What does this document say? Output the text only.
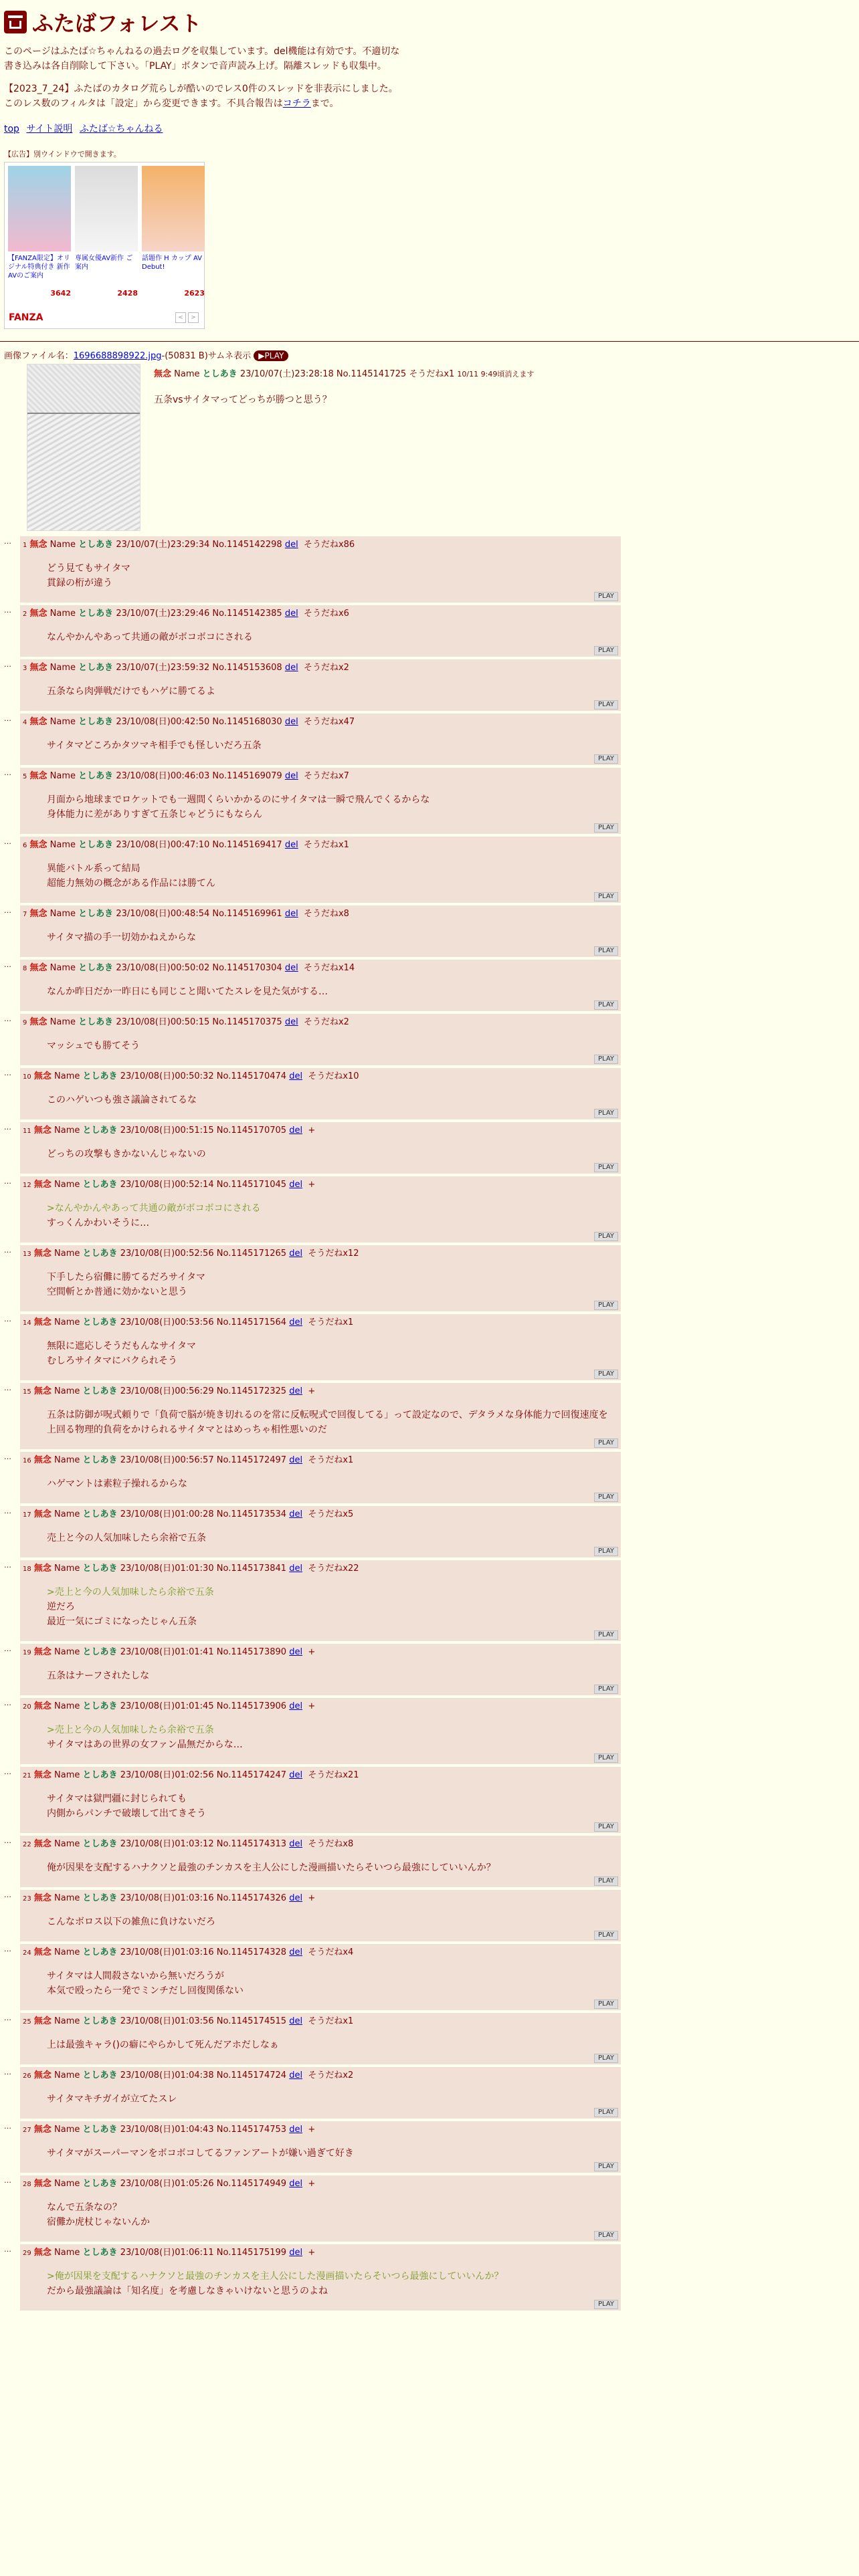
ふたばフォレスト

このページはふたば☆ちゃんねるの過去ログを収集しています。del機能は有効です。不適切な書き込みは各自削除して下さい。「PLAY」ボタンで音声読み上げ。隔離スレッドも収集中。

【2023_7_24】ふたばのカタログ荒らしが酷いのでレス0件のスレッドを非表示にしました。このレス数のフィルタは「設定」から変更できます。不具合報告はコチラまで。

top サイト説明 ふたば☆ちゃんねる
【広告】別ウインドウで開きます。
【FANZA限定】オリジナル特典付き 新作AVのご案内
3642
専属女優AV新作 ご案内
2428
話題作 H カップ AV Debut!
2623
FANZA	<	>
画像ファイル名：1696688898922.jpg-(50831 B)サムネ表示 ▶PLAY
無念 Name としあき 23/10/07(土)23:28:18 No.1145141725 そうだねx1 10/11 9:49頃消えます
五条vsサイタマってどっちが勝つと思う？
…	1 無念 Name としあき 23/10/07(土)23:29:34 No.1145142298 del そうだねx86
どう見てもサイタマ
貫録の桁が違う
PLAY
…	2 無念 Name としあき 23/10/07(土)23:29:46 No.1145142385 del そうだねx6
なんやかんやあって共通の敵がボコボコにされる
PLAY
…	3 無念 Name としあき 23/10/07(土)23:59:32 No.1145153608 del そうだねx2
五条なら肉弾戦だけでもハゲに勝てるよ
PLAY
…	4 無念 Name としあき 23/10/08(日)00:42:50 No.1145168030 del そうだねx47
サイタマどころかタツマキ相手でも怪しいだろ五条
PLAY
…	5 無念 Name としあき 23/10/08(日)00:46:03 No.1145169079 del そうだねx7
月面から地球までロケットでも一週間くらいかかるのにサイタマは一瞬で飛んでくるからな
身体能力に差がありすぎて五条じゃどうにもならん
PLAY
…	6 無念 Name としあき 23/10/08(日)00:47:10 No.1145169417 del そうだねx1
異能バトル系って結局
超能力無効の概念がある作品には勝てん
PLAY
…	7 無念 Name としあき 23/10/08(日)00:48:54 No.1145169961 del そうだねx8
サイタマ描の手一切効かねえからな
PLAY
…	8 無念 Name としあき 23/10/08(日)00:50:02 No.1145170304 del そうだねx14
なんか昨日だか一昨日にも同じこと聞いてたスレを見た気がする…
PLAY
…	9 無念 Name としあき 23/10/08(日)00:50:15 No.1145170375 del そうだねx2
マッシュでも勝てそう
PLAY
…	10 無念 Name としあき 23/10/08(日)00:50:32 No.1145170474 del そうだねx10
このハゲいつも強さ議論されてるな
PLAY
…	11 無念 Name としあき 23/10/08(日)00:51:15 No.1145170705 del +
どっちの攻撃もきかないんじゃないの
PLAY
…	12 無念 Name としあき 23/10/08(日)00:52:14 No.1145171045 del +
>なんやかんやあって共通の敵がボコボコにされる
すっくんかわいそうに…
PLAY
…	13 無念 Name としあき 23/10/08(日)00:52:56 No.1145171265 del そうだねx12
下手したら宿儺に勝てるだろサイタマ
空間斬とか普通に効かないと思う
PLAY
…	14 無念 Name としあき 23/10/08(日)00:53:56 No.1145171564 del そうだねx1
無限に遮応しそうだもんなサイタマ
むしろサイタマにバクられそう
PLAY
…	15 無念 Name としあき 23/10/08(日)00:56:29 No.1145172325 del +
五条は防御が呪式頼りで「負荷で脳が焼き切れるのを常に反転呪式で回復してる」って設定なので、デタラメな身体能力で回復速度を上回る物理的負荷をかけられるサイタマとはめっちゃ相性悪いのだ
PLAY
…	16 無念 Name としあき 23/10/08(日)00:56:57 No.1145172497 del そうだねx1
ハゲマントは素粒子操れるからな
PLAY
…	17 無念 Name としあき 23/10/08(日)01:00:28 No.1145173534 del そうだねx5
売上と今の人気加味したら余裕で五条
PLAY
…	18 無念 Name としあき 23/10/08(日)01:01:30 No.1145173841 del そうだねx22
>売上と今の人気加味したら余裕で五条
逆だろ
最近一気にゴミになったじゃん五条
PLAY
…	19 無念 Name としあき 23/10/08(日)01:01:41 No.1145173890 del +
五条はナーフされたしな
PLAY
…	20 無念 Name としあき 23/10/08(日)01:01:45 No.1145173906 del +
>売上と今の人気加味したら余裕で五条
サイタマはあの世界の女ファン晶無だからな…
PLAY
…	21 無念 Name としあき 23/10/08(日)01:02:56 No.1145174247 del そうだねx21
サイタマは獄門疆に封じられても
内側からパンチで破壊して出てきそう
PLAY
…	22 無念 Name としあき 23/10/08(日)01:03:12 No.1145174313 del そうだねx8
俺が因果を支配するハナクソと最強のチンカスを主人公にした漫画描いたらそいつら最強にしていいんか？
PLAY
…	23 無念 Name としあき 23/10/08(日)01:03:16 No.1145174326 del +
こんなボロス以下の雑魚に負けないだろ
PLAY
…	24 無念 Name としあき 23/10/08(日)01:03:16 No.1145174328 del そうだねx4
サイタマは人間殺さないから無いだろうが
本気で殴ったら一発でミンチだし回復関係ない
PLAY
…	25 無念 Name としあき 23/10/08(日)01:03:56 No.1145174515 del そうだねx1
上は最強キャラ()の癖にやらかして死んだアホだしなぁ
PLAY
…	26 無念 Name としあき 23/10/08(日)01:04:38 No.1145174724 del そうだねx2
サイタマキチガイが立てたスレ
PLAY
…	27 無念 Name としあき 23/10/08(日)01:04:43 No.1145174753 del +
サイタマがスーパーマンをボコボコしてるファンアートが嫌い過ぎて好き
PLAY
…	28 無念 Name としあき 23/10/08(日)01:05:26 No.1145174949 del +
なんで五条なの？
宿儺か虎杖じゃないんか
PLAY
…	29 無念 Name としあき 23/10/08(日)01:06:11 No.1145175199 del +
>俺が因果を支配するハナクソと最強のチンカスを主人公にした漫画描いたらそいつら最強にしていいんか？
だから最強議論は「知名度」を考慮しなきゃいけないと思うのよね
PLAY
